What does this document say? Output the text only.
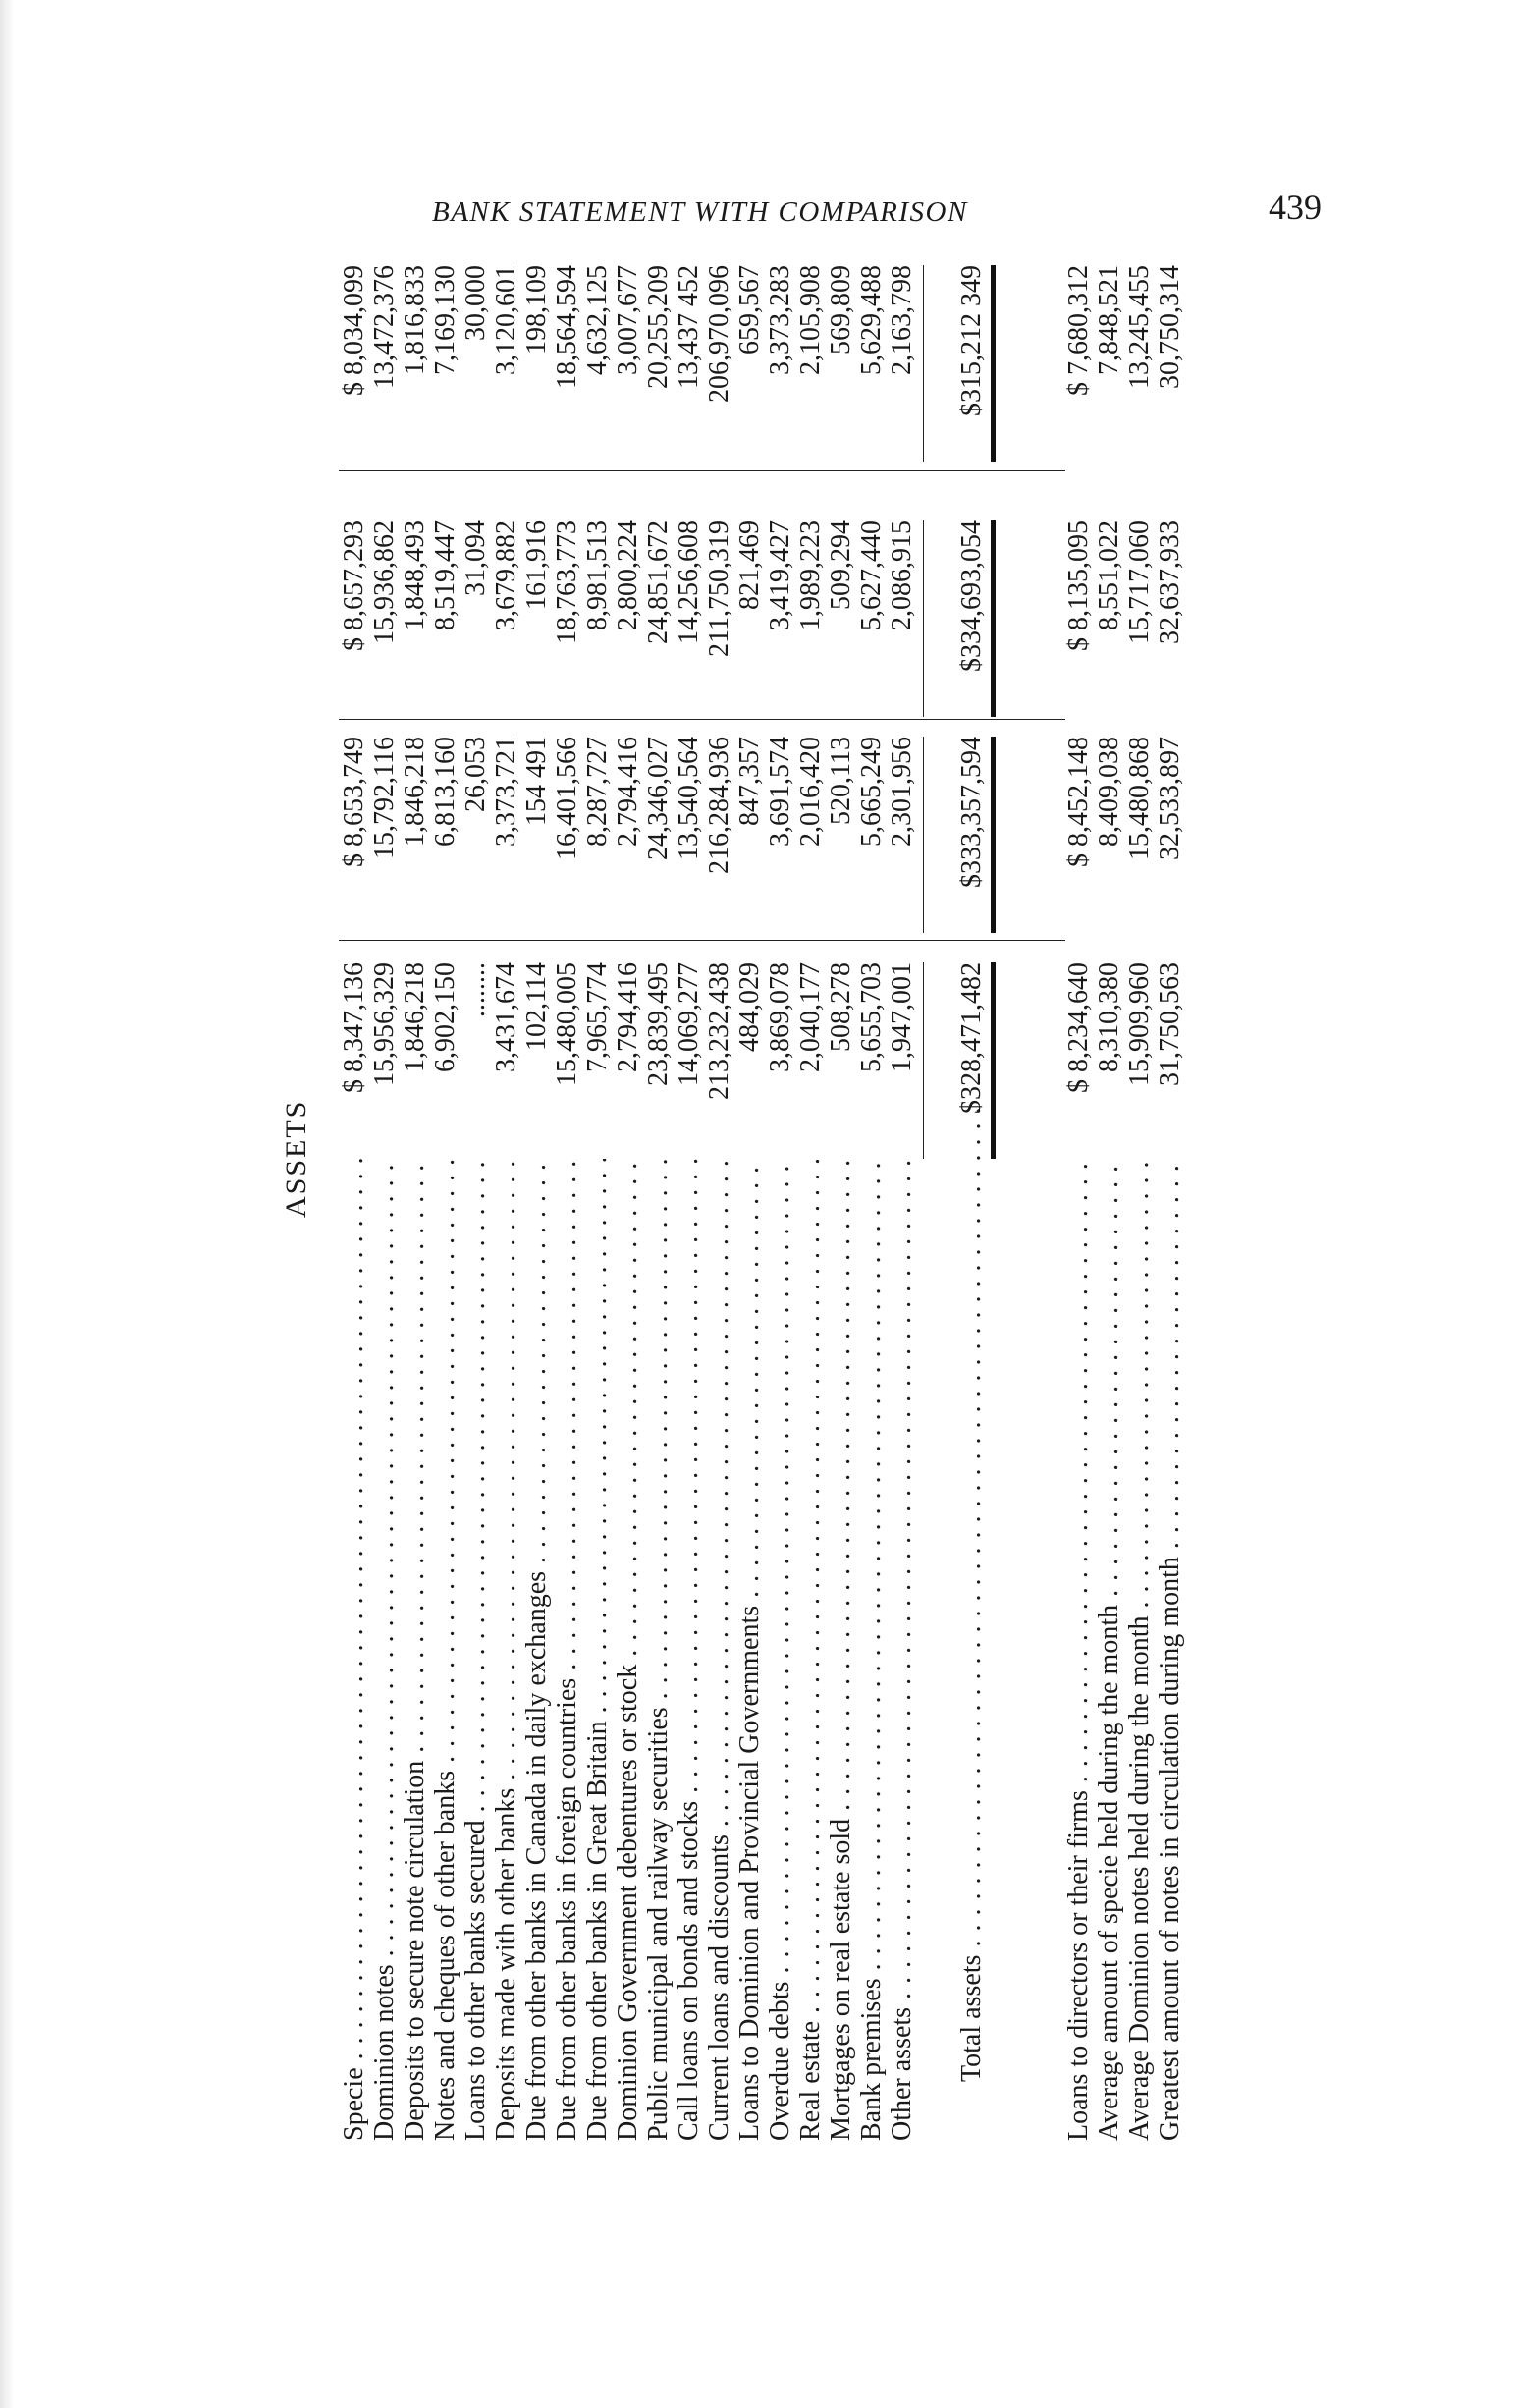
BANK STATEMENT WITH COMPARISON	439
ASSETS
Specie . . .
$ 8,347,136
$ 8,653,749
$ 8,657,293
$ 8,034,099
Dominion notes . . .
15,956,329
15,792,116
15,936,862
13,472,376
Deposits to secure note circulation . . .
1,846,218
1,846,218
1,848,493
1,816,833
Notes and cheques of other banks . . .
6,902,150
6,813,160
8,519,447
7,169,130
Loans to other banks secured . . .
........
26,053
31,094
30,000
Deposits made with other banks . . .
3,431,674
3,373,721
3,679,882
3,120,601
Due from other banks in Canada in daily exchanges . . .
102,114
154 491
161,916
198,109
Due from other banks in foreign countries . . .
15,480,005
16,401,566
18,763,773
18,564,594
Due from other banks in Great Britain . . .
7,965,774
8,287,727
8,981,513
4,632,125
Dominion Government debentures or stock . . .
2,794,416
2,794,416
2,800,224
3,007,677
Public municipal and railway securities . . .
23,839,495
24,346,027
24,851,672
20,255,209
Call loans on bonds and stocks . . .
14,069,277
13,540,564
14,256,608
13,437 452
Current loans and discounts . . .
213,232,438
216,284,936
211,750,319
206,970,096
Loans to Dominion and Provincial Governments . . .
484,029
847,357
821,469
659,567
Overdue debts . . .
3,869,078
3,691,574
3,419,427
3,373,283
Real estate . . .
2,040,177
2,016,420
1,989,223
2,105,908
Mortgages on real estate sold . . .
508,278
520,113
509,294
569,809
Bank premises . . .
5,655,703
5,665,249
5,627,440
5,629,488
Other assets . . .
1,947,001
2,301,956
2,086,915
2,163,798
Total assets . . .
$328,471,482
$333,357,594
$334,693,054
$315,212 349
Loans to directors or their firms . . .
$ 8,234,640
$ 8,452,148
$ 8,135,095
$ 7,680,312
Average amount of specie held during the month . . .
8,310,380
8,409,038
8,551,022
7,848,521
Average Dominion notes held during the month . . .
15,909,960
15,480,868
15,717,060
13,245,455
Greatest amount of notes in circulation during month . . .
31,750,563
32,533,897
32,637,933
30,750,314
